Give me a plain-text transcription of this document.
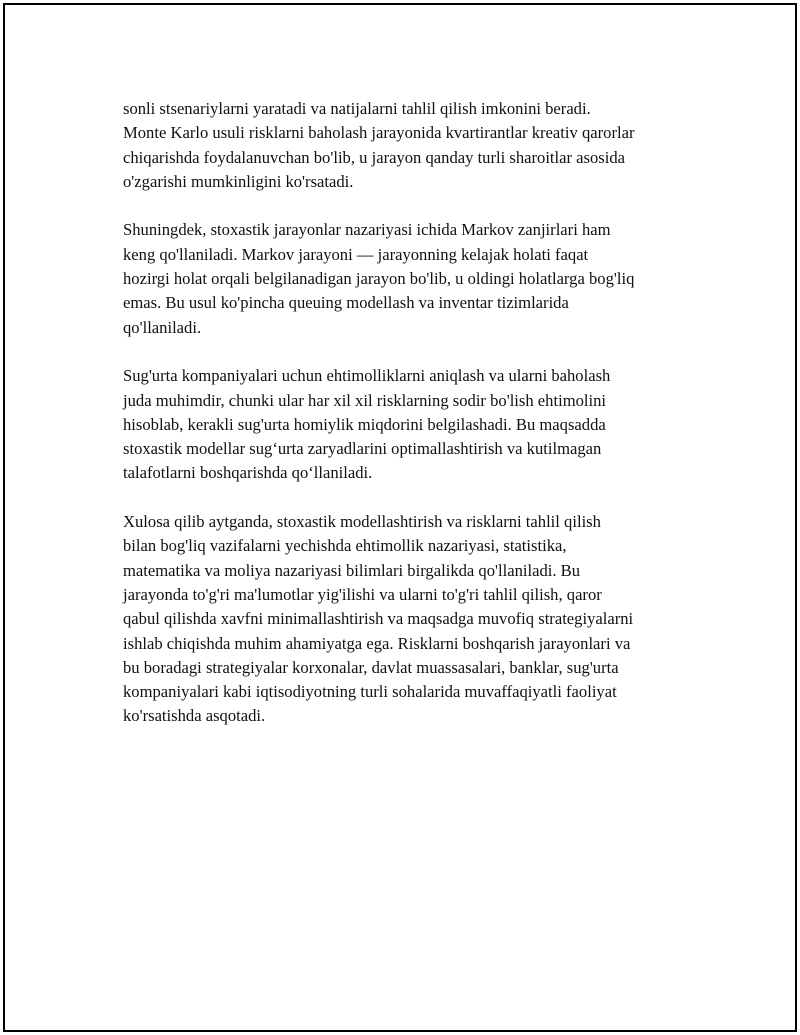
sonli stsenariylarni yaratadi va natijalarni tahlil qilish imkonini beradi.
Monte Karlo usuli risklarni baholash jarayonida kvartirantlar kreativ qarorlar
chiqarishda foydalanuvchan bo'lib, u jarayon qanday turli sharoitlar asosida
o'zgarishi mumkinligini ko'rsatadi.

Shuningdek, stoxastik jarayonlar nazariyasi ichida Markov zanjirlari ham
keng qo'llaniladi. Markov jarayoni — jarayonning kelajak holati faqat
hozirgi holat orqali belgilanadigan jarayon bo'lib, u oldingi holatlarga bog'liq
emas. Bu usul ko'pincha queuing modellash va inventar tizimlarida
qo'llaniladi.

Sug'urta kompaniyalari uchun ehtimolliklarni aniqlash va ularni baholash
juda muhimdir, chunki ular har xil xil risklarning sodir bo'lish ehtimolini
hisoblab, kerakli sug'urta homiylik miqdorini belgilashadi. Bu maqsadda
stoxastik modellar sug‘urta zaryadlarini optimallashtirish va kutilmagan
talafotlarni boshqarishda qo‘llaniladi.

Xulosa qilib aytganda, stoxastik modellashtirish va risklarni tahlil qilish
bilan bog'liq vazifalarni yechishda ehtimollik nazariyasi, statistika,
matematika va moliya nazariyasi bilimlari birgalikda qo'llaniladi. Bu
jarayonda to'g'ri ma'lumotlar yig'ilishi va ularni to'g'ri tahlil qilish, qaror
qabul qilishda xavfni minimallashtirish va maqsadga muvofiq strategiyalarni
ishlab chiqishda muhim ahamiyatga ega. Risklarni boshqarish jarayonlari va
bu boradagi strategiyalar korxonalar, davlat muassasalari, banklar, sug'urta
kompaniyalari kabi iqtisodiyotning turli sohalarida muvaffaqiyatli faoliyat
ko'rsatishda asqotadi.
